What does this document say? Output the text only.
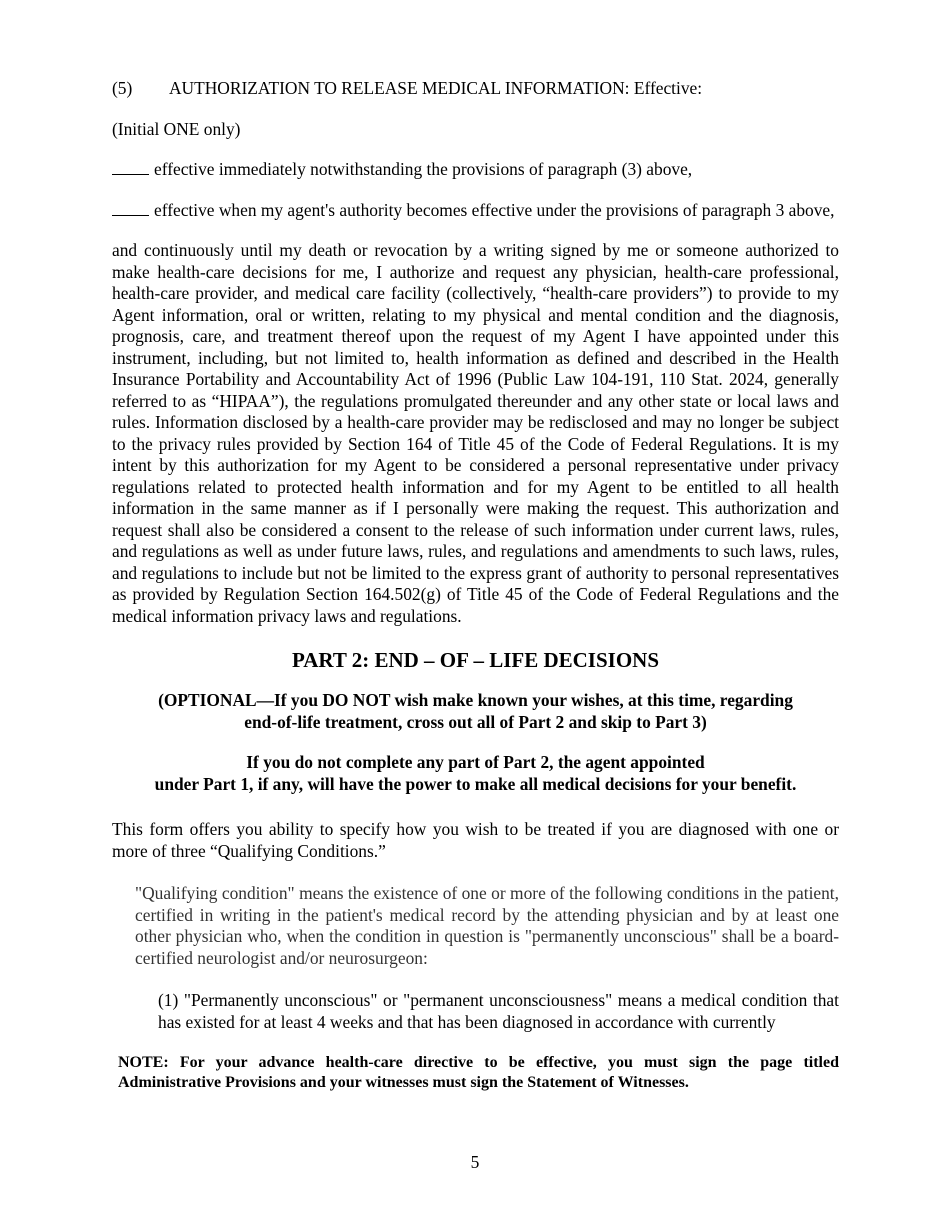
(5)	AUTHORIZATION TO RELEASE MEDICAL INFORMATION: Effective:

(Initial ONE only)

effective immediately notwithstanding the provisions of paragraph (3) above,

effective when my agent's authority becomes effective under the provisions of paragraph 3 above,

and continuously until my death or revocation by a writing signed by me or someone authorized to make health-care decisions for me, I authorize and request any physician, health-care professional, health-care provider, and medical care facility (collectively, “health-care providers”) to provide to my Agent information, oral or written, relating to my physical and mental condition and the diagnosis, prognosis, care, and treatment thereof upon the request of my Agent I have appointed under this instrument, including, but not limited to, health information as defined and described in the Health Insurance Portability and Accountability Act of 1996 (Public Law 104-191, 110 Stat. 2024, generally referred to as “HIPAA”), the regulations promulgated thereunder and any other state or local laws and rules. Information disclosed by a health-care provider may be redisclosed and may no longer be subject to the privacy rules provided by Section 164 of Title 45 of the Code of Federal Regulations. It is my intent by this authorization for my Agent to be considered a personal representative under privacy regulations related to protected health information and for my Agent to be entitled to all health information in the same manner as if I personally were making the request. This authorization and request shall also be considered a consent to the release of such information under current laws, rules, and regulations as well as under future laws, rules, and regulations and amendments to such laws, rules, and regulations to include but not be limited to the express grant of authority to personal representatives as provided by Regulation Section 164.502(g) of Title 45 of the Code of Federal Regulations and the medical information privacy laws and regulations.

PART 2: END – OF – LIFE DECISIONS

(OPTIONAL—If you DO NOT wish make known your wishes, at this time, regarding

end-of-life treatment, cross out all of Part 2 and skip to Part 3)

If you do not complete any part of Part 2, the agent appointed

under Part 1, if any, will have the power to make all medical decisions for your benefit.

This form offers you ability to specify how you wish to be treated if you are diagnosed with one or more of three “Qualifying Conditions.”

"Qualifying condition" means the existence of one or more of the following conditions in the patient, certified in writing in the patient's medical record by the attending physician and by at least one other physician who, when the condition in question is "permanently unconscious" shall be a board-certified neurologist and/or neurosurgeon:

(1) "Permanently unconscious" or "permanent unconsciousness" means a medical condition that has existed for at least 4 weeks and that has been diagnosed in accordance with currently

NOTE: For your advance health-care directive to be effective, you must sign the page titled Administrative Provisions and your witnesses must sign the Statement of Witnesses.

5
